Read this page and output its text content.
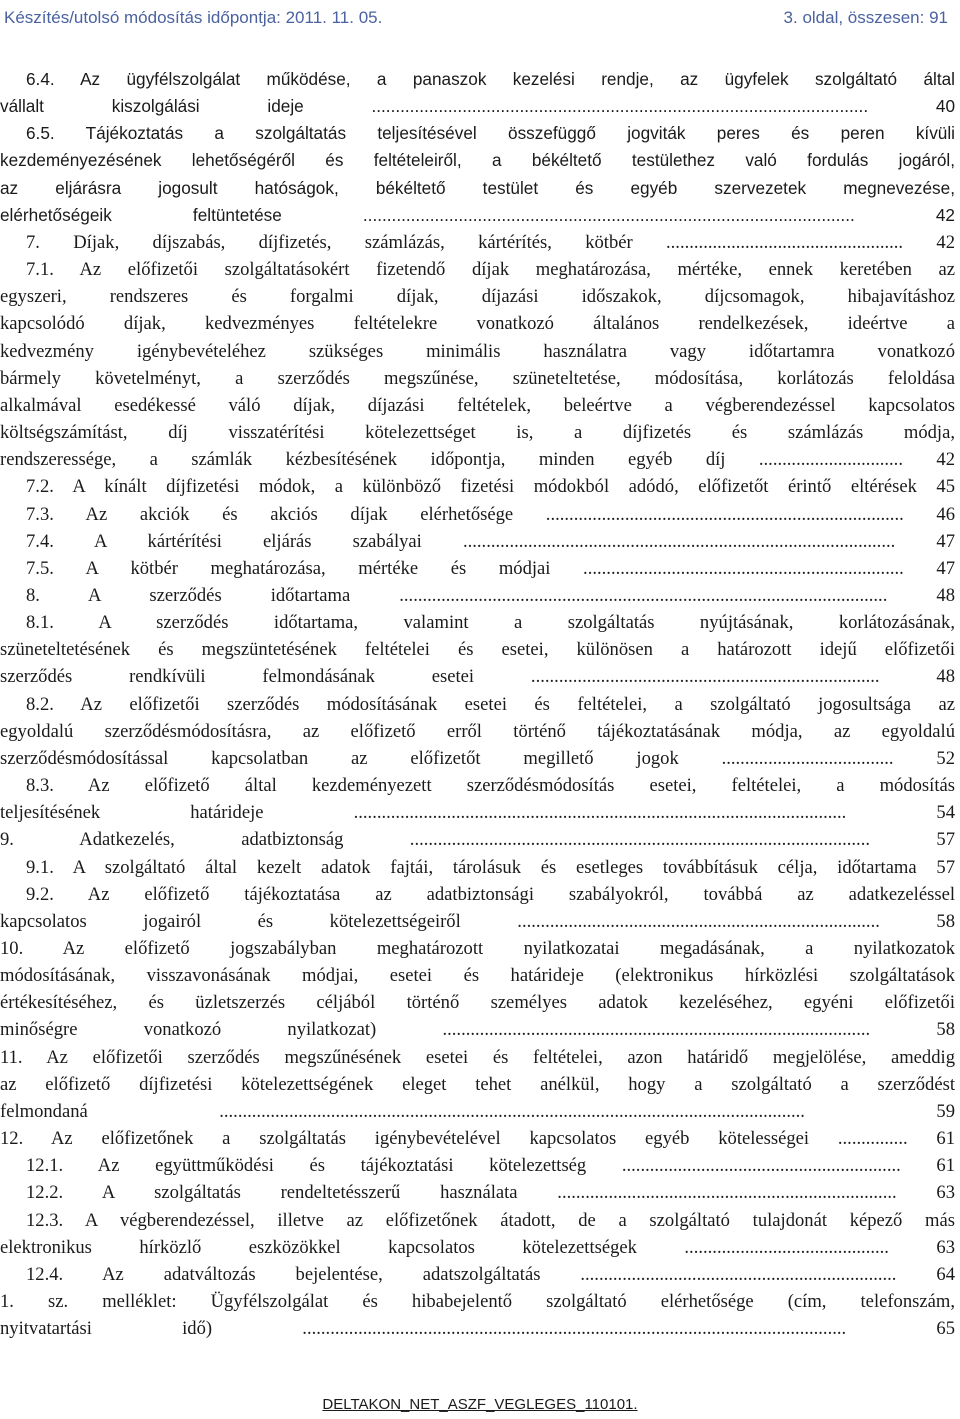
Készítés/utolsó módosítás időpontja: 2011. 11. 05.	3. oldal, összesen: 91
6.4. Az ügyfélszolgálat működése, a panaszok kezelési rendje, az ügyfelek szolgáltató által
vállalt kiszolgálási ideje ........................................................................................................ 40
6.5. Tájékoztatás a szolgáltatás teljesítésével összefüggő jogviták peres és peren kívüli
kezdeményezésének lehetőségéről és feltételeiről, a békéltető testülethez való fordulás jogáról,
az eljárásra jogosult hatóságok, békéltető testület és egyéb szervezetek megnevezése,
elérhetőségeik feltüntetése ....................................................................................................... 42
7. Díjak, díjszabás, díjfizetés, számlázás, kártérítés, kötbér ................................................... 42
7.1. Az előfizetői szolgáltatásokért fizetendő díjak meghatározása, mértéke, ennek keretében az
egyszeri, rendszeres és forgalmi díjak, díjazási időszakok, díjcsomagok, hibajavításhoz
kapcsolódó díjak, kedvezményes feltételekre vonatkozó általános rendelkezések, ideértve a
kedvezmény igénybevételéhez szükséges minimális használatra vagy időtartamra vonatkozó
bármely követelményt, a szerződés megszűnése, szüneteltetése, módosítása, korlátozás feloldása
alkalmával esedékessé váló díjak, díjazási feltételek, beleértve a végberendezéssel kapcsolatos
költségszámítást, díj visszatérítési kötelezettséget is, a díjfizetés és számlázás módja,
rendszeressége, a számlák kézbesítésének időpontja, minden egyéb díj ............................... 42
7.2. A kínált díjfizetési módok, a különböző fizetési módokból adódó, előfizetőt érintő eltérések 45
7.3. Az akciók és akciós díjak elérhetősége ............................................................................. 46
7.4. A kártérítési eljárás szabályai ............................................................................................. 47
7.5. A kötbér meghatározása, mértéke és módjai ..................................................................... 47
8. A szerződés időtartama ......................................................................................................... 48
8.1. A szerződés időtartama, valamint a szolgáltatás nyújtásának, korlátozásának,
szüneteltetésének és megszüntetésének feltételei és esetei, különösen a határozott idejű előfizetői
szerződés rendkívüli felmondásának esetei ........................................................................... 48
8.2. Az előfizetői szerződés módosításának esetei és feltételei, a szolgáltató jogosultsága az
egyoldalú szerződésmódosításra, az előfizető erről történő tájékoztatásának módja, az egyoldalú
szerződésmódosítással kapcsolatban az előfizetőt megillető jogok ..................................... 52
8.3. Az előfizető által kezdeményezett szerződésmódosítás esetei, feltételei, a módosítás
teljesítésének határideje .......................................................................................................... 54
9. Adatkezelés, adatbiztonság ................................................................................................... 57
9.1. A szolgáltató által kezelt adatok fajtái, tárolásuk és esetleges továbbításuk célja, időtartama 57
9.2. Az előfizető tájékoztatása az adatbiztonsági szabályokról, továbbá az adatkezeléssel
kapcsolatos jogairól és kötelezettségeiről .............................................................................. 58
10. Az előfizető jogszabályban meghatározott nyilatkozatai megadásának, a nyilatkozatok
módosításának, visszavonásának módjai, esetei és határideje (elektronikus hírközlési szolgáltatások
értékesítéséhez, és üzletszerzés céljából történő személyes adatok kezeléséhez, egyéni előfizetői
minőségre vonatkozó nyilatkozat) ............................................................................................ 58
11. Az előfizetői szerződés megszűnésének esetei és feltételei, azon határidő megjelölése, ameddig
az előfizető díjfizetési kötelezettségének eleget tehet anélkül, hogy a szolgáltató a szerződést
felmondaná .............................................................................................................................. 59
12. Az előfizetőnek a szolgáltatás igénybevételével kapcsolatos egyéb kötelességei ............... 61
12.1. Az együttműködési és tájékoztatási kötelezettség ............................................................ 61
12.2. A szolgáltatás rendeltetésszerű használata ......................................................................... 63
12.3. A végberendezéssel, illetve az előfizetőnek átadott, de a szolgáltató tulajdonát képező más
elektronikus hírközlő eszközökkel kapcsolatos kötelezettségek ............................................ 63
12.4. Az adatváltozás bejelentése, adatszolgáltatás .................................................................... 64
1. sz. melléklet: Ügyfélszolgálat és hibabejelentő szolgáltató elérhetősége (cím, telefonszám,
nyitvatartási idő) ..................................................................................................................... 65
DELTAKON_NET_ASZF_VEGLEGES_110101.
